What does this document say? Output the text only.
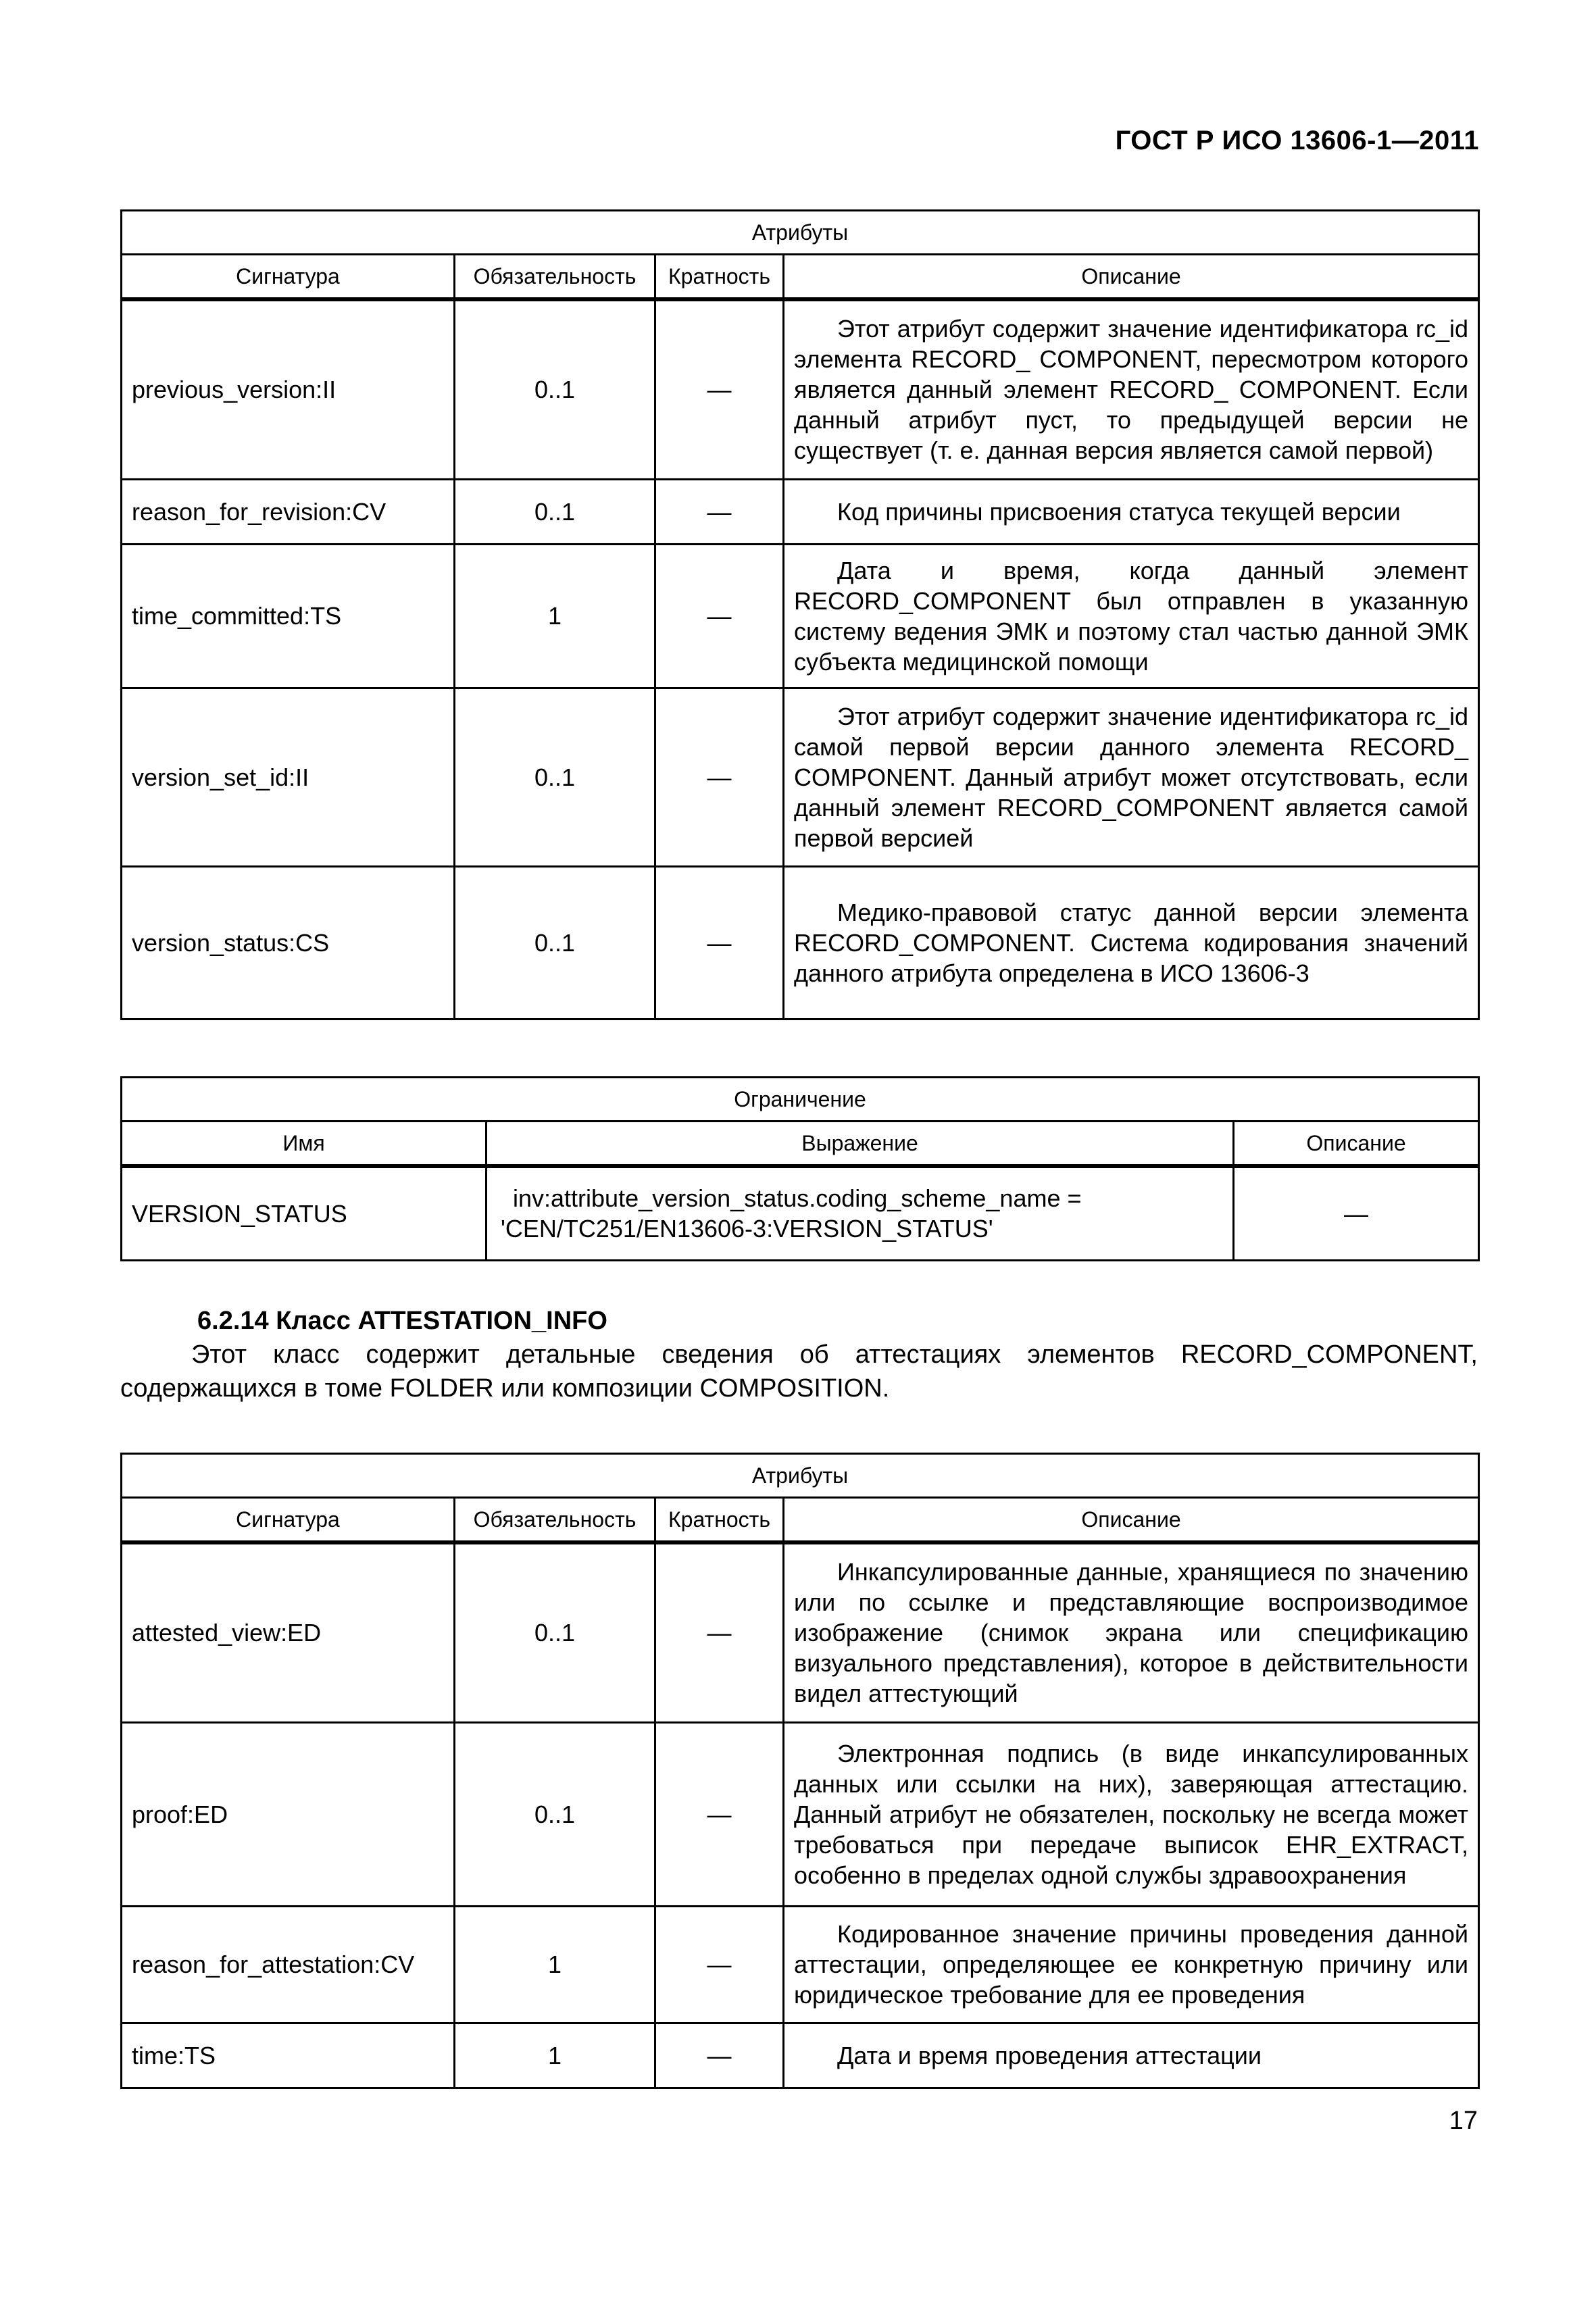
ГОСТ Р ИСО 13606-1—2011
Атрибуты			
Сигнатура	Обязательность	Кратность	Описание
previous_version:II	0..1	—	Этот атрибут содержит значение идентификатора rc_id элемента RECORD_ COMPONENT, пересмотром которого является данный элемент RECORD_ COMPONENT. Если данный атрибут пуст, то предыдущей версии не существует (т. е. данная версия является самой первой)

reason_for_revision:CV	0..1	—	Код причины присвоения статуса текущей версии

time_committed:TS	1	—	Дата и время, когда данный элемент RECORD_COMPONENT был отправлен в указанную систему ведения ЭМК и поэтому стал частью данной ЭМК субъекта медицинской помощи

version_set_id:II	0..1	—	Этот атрибут содержит значение идентификатора rc_id самой первой версии данного элемента RECORD_ COMPONENT. Данный атрибут может отсутствовать, если данный элемент RECORD_COMPONENT является самой первой версией

version_status:CS	0..1	—	Медико-правовой статус данной версии элемента RECORD_COMPONENT. Система кодирования значений данного атрибута определена в ИСО 13606-3
Ограничение		
Имя	Выражение	Описание
VERSION_STATUS	inv:attribute_version_status.coding_scheme_name =
'CEN/TC251/EN13606-3:VERSION_STATUS'	—
6.2.14 Класс ATTESTATION_INFO
Этот класс содержит детальные сведения об аттестациях элементов RECORD_COMPONENT, содержащихся в томе FOLDER или композиции COMPOSITION.
Атрибуты			
Сигнатура	Обязательность	Кратность	Описание
attested_view:ED	0..1	—	Инкапсулированные данные, хранящиеся по значению или по ссылке и представляющие воспроизводимое изображение (снимок экрана или спецификацию визуального представления), которое в действительности видел аттестующий

proof:ED	0..1	—	Электронная подпись (в виде инкапсулированных данных или ссылки на них), заверяющая аттестацию. Данный атрибут не обязателен, поскольку не всегда может требоваться при передаче выписок EHR_EXTRACT, особенно в пределах одной службы здравоохранения

reason_for_attestation:CV	1	—	Кодированное значение причины проведения данной аттестации, определяющее ее конкретную причину или юридическое требование для ее проведения

time:TS	1	—	Дата и время проведения аттестации
17
